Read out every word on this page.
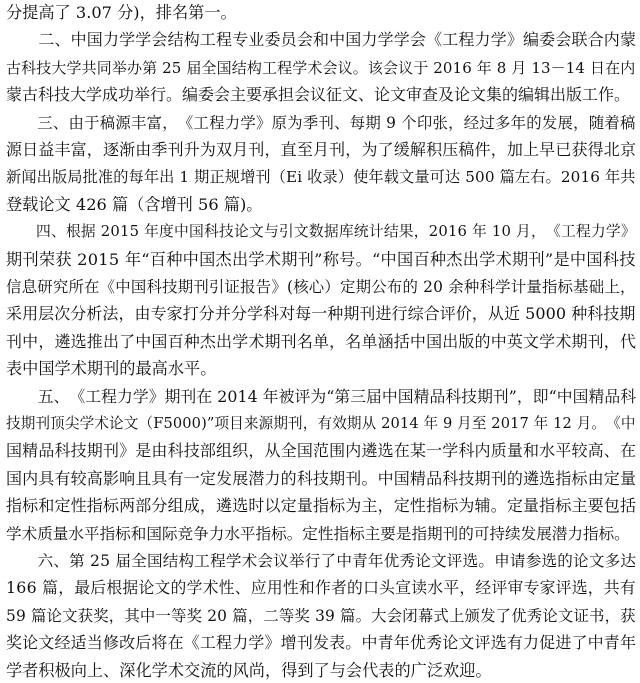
分提高了 3.07 分)，排名第一。

二 、 中 国 力 学 学 会 结 构 工 程 专 业 委 员 会 和 中 国 力 学 学 会 《 工 程 力 学 》 编 委 会 联 合 内 蒙
古 科 技 大 学 共 同 举 办 第
2 5
届 全 国 结 构 工 程 学 术 会 议 。 该 会 议 于
2 0 1 6
年
8
月
1 3 － 1 4
日 在 内
蒙古科技大学成功举行。编委会主要承担会议征文、论文审查及论文集的编辑出版工作。

三 、 由 于 稿 源 丰 富 ， 《 工 程 力 学 》 原 为 季 刊 、 每 期
9
个 印 张 ， 经 过 多 年 的 发 展 ， 随 着 稿
源 日 益 丰 富 ， 逐 渐 由 季 刊 升 为 双 月 刊 ， 直 至 月 刊 ， 为 了 缓 解 积 压 稿 件 ， 加 上 早 已 获 得 北 京
新 闻 出 版 局 批 准 的 每 年 出
1
期 正 规 增 刊 （ E i
收 录 ） 使 年 载 文 量 可 达
5 0 0
篇 左 右 。 2 0 1 6
年 共
登载论文 426 篇（含增刊 56 篇)。

四 、 根 据
2 0 1 5
年 度 中 国 科 技 论 文 与 引 文 数 据 库 统 计 结 果 ， 2 0 1 6
年
1 0
月 ， 《 工 程 力 学 》
期 刊 荣 获
2 0 1 5
年 “ 百 种 中 国 杰 出 学 术 期 刊 ” 称 号 。 “ 中 国 百 种 杰 出 学 术 期 刊 ” 是 中 国 科 技
信 息 研 究 所 在 《 中 国 科 技 期 刊 引 证 报 告 》 ( 核 心 ） 定 期 公 布 的
2 0
余 种 科 学 计 量 指 标 基 础 上 ，
采 用 层 次 分 析 法 ， 由 专 家 打 分 并 分 学 科 对 每 一 种 期 刊 进 行 综 合 评 价 ， 从 近
5 0 0 0
种 科 技 期
刊 中 ， 遴 选 推 出 了 中 国 百 种 杰 出 学 术 期 刊 名 单 ， 名 单 涵 括 中 国 出 版 的 中 英 文 学 术 期 刊 ， 代
表中国学术期刊的最高水平。

五 、 《 工 程 力 学 》 期 刊 在
2 0 1 4
年 被 评 为 “ 第 三 届 中 国 精 品 科 技 期 刊 ” ， 即 “ 中 国 精 品 科
技 期 刊 顶 尖 学 术 论 文 （ F 5 0 0 0 ) ” 项 目 来 源 期 刊 ， 有 效 期 从
2 0 1 4
年
9
月 至
2 0 1 7
年
1 2
月 。 《 中
国 精 品 科 技 期 刊 》 是 由 科 技 部 组 织 ， 从 全 国 范 围 内 遴 选 在 某 一 学 科 内 质 量 和 水 平 较 高 、 在
国 内 具 有 较 高 影 响 且 具 有 一 定 发 展 潜 力 的 科 技 期 刊 。 中 国 精 品 科 技 期 刊 的 遴 选 指 标 由 定 量
指 标 和 定 性 指 标 两 部 分 组 成 ， 遴 选 时 以 定 量 指 标 为 主 ， 定 性 指 标 为 辅 。 定 量 指 标 主 要 包 括
学术质量水平指标和国际竞争力水平指标。定性指标主要是指期刊的可持续发展潜力指标。

六 、 第
2 5
届 全 国 结 构 工 程 学 术 会 议 举 行 了 中 青 年 优 秀 论 文 评 选 。 申 请 参 选 的 论 文 多 达
1 6 6
篇 ， 最 后 根 据 论 文 的 学 术 性 、 应 用 性 和 作 者 的 口 头 宣 读 水 平 ， 经 评 审 专 家 评 选 ， 共 有
5 9
篇 论 文 获 奖 ， 其 中 一 等 奖
2 0
篇 ， 二 等 奖
3 9
篇 。 大 会 闭 幕 式 上 颁 发 了 优 秀 论 文 证 书 ， 获
奖 论 文 经 适 当 修 改 后 将 在 《 工 程 力 学 》 增 刊 发 表 。 中 青 年 优 秀 论 文 评 选 有 力 促 进 了 中 青 年
学者积极向上、深化学术交流的风尚，得到了与会代表的广泛欢迎。
